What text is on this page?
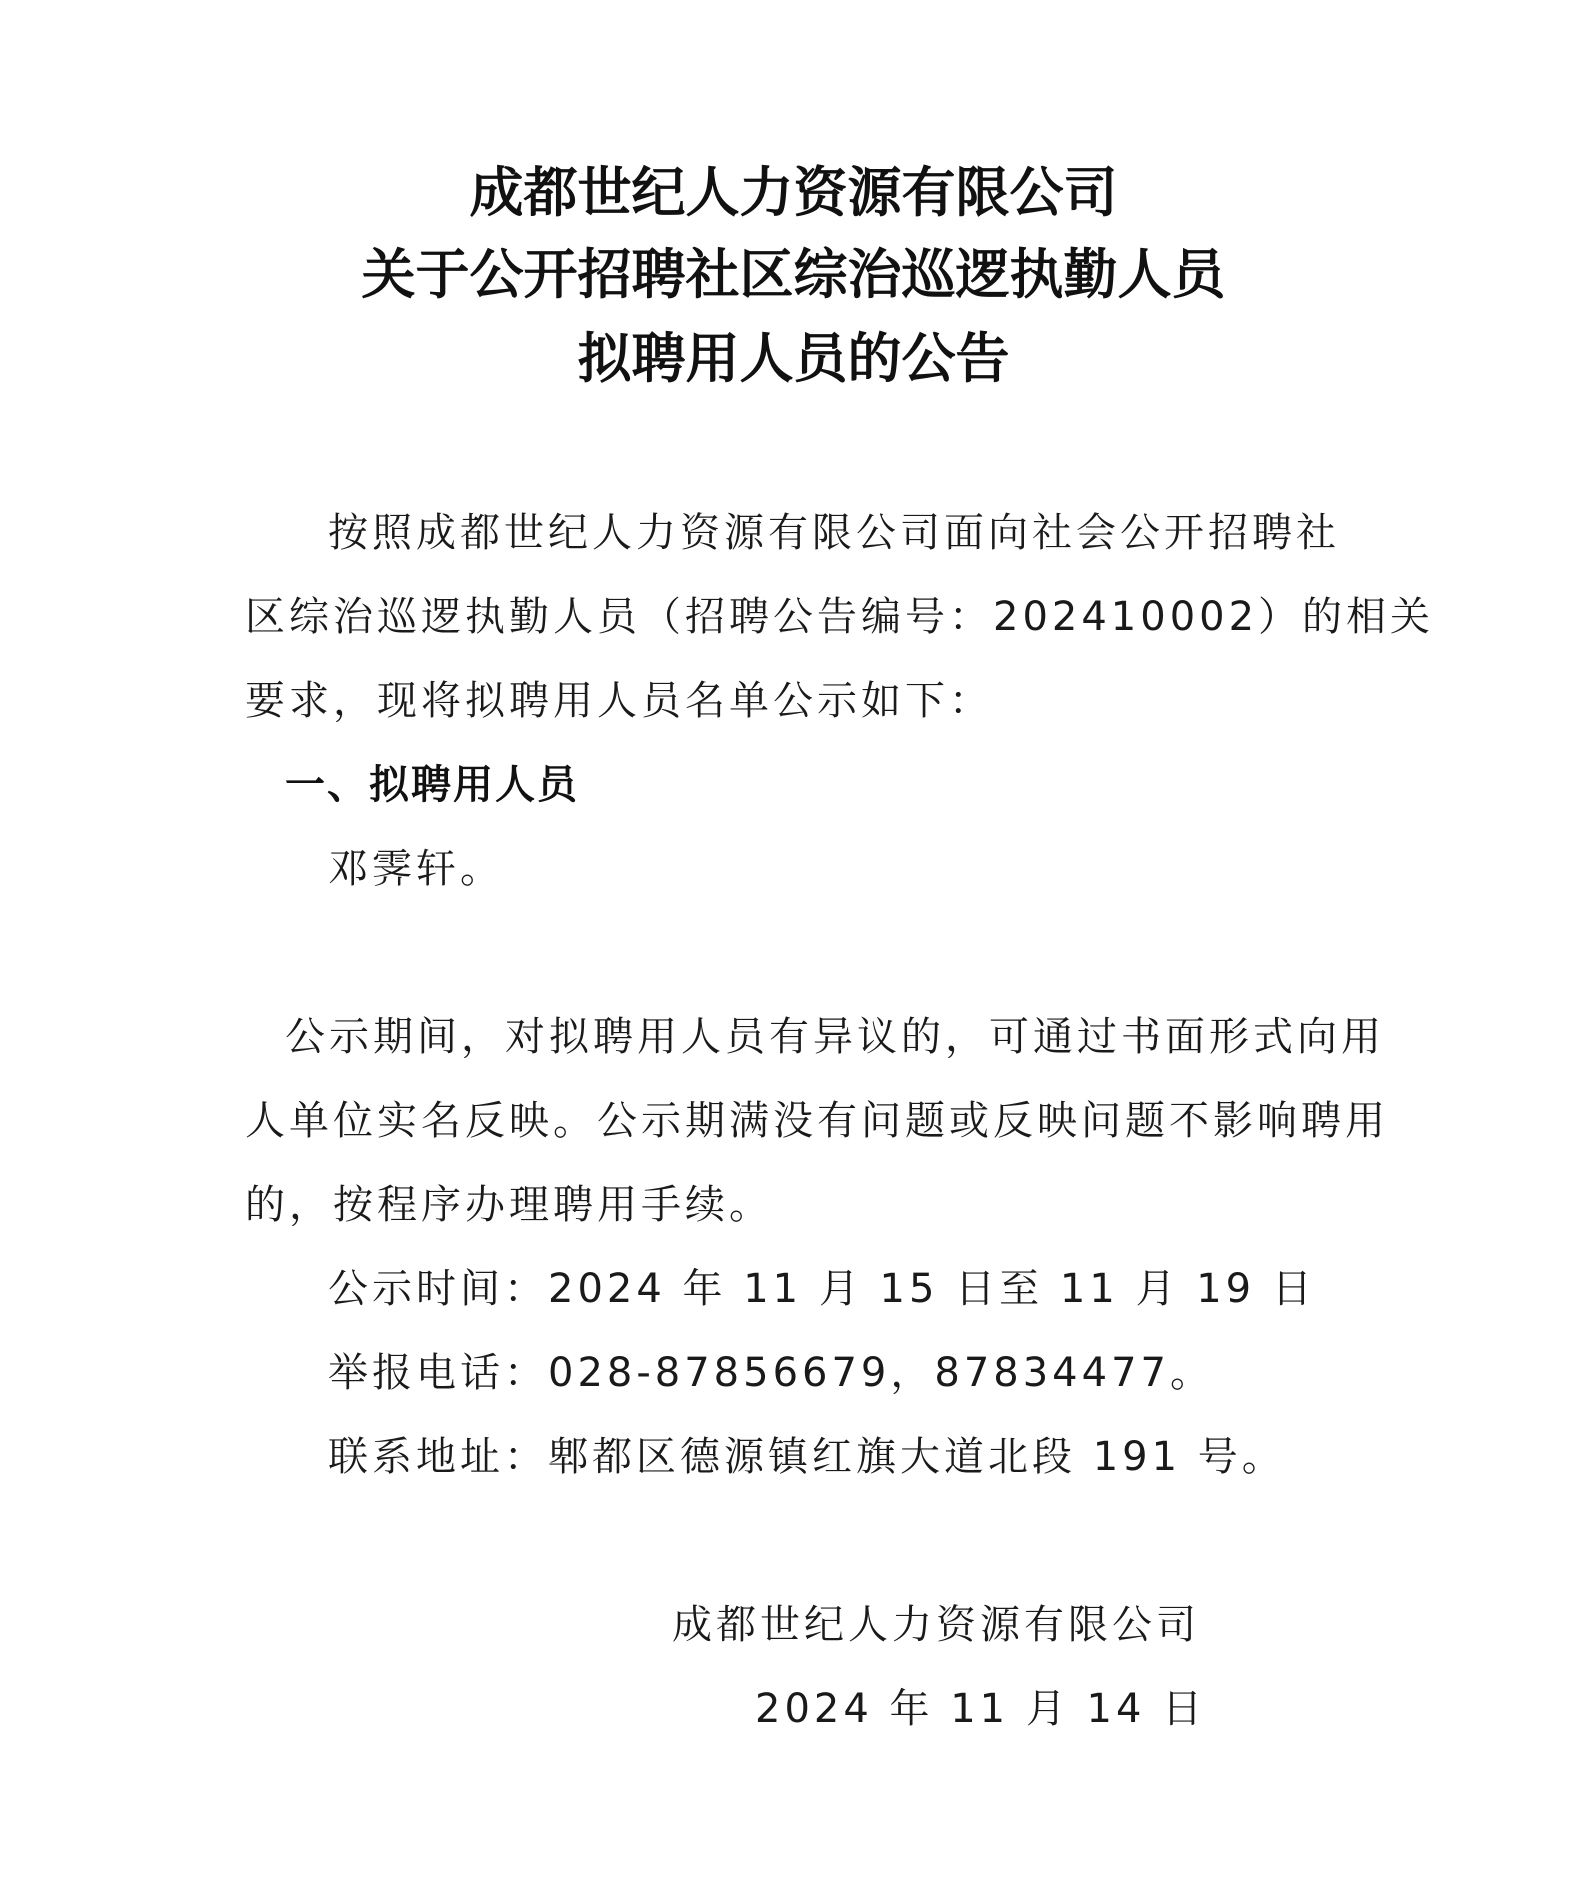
成都世纪人力资源有限公司
关于公开招聘社区综治巡逻执勤人员
拟聘用人员的公告
按照成都世纪人力资源有限公司面向社会公开招聘社
区综治巡逻执勤人员（招聘公告编号：202410002）的相关
要求，现将拟聘用人员名单公示如下：
一、拟聘用人员
邓霁轩。
公示期间，对拟聘用人员有异议的，可通过书面形式向用
人单位实名反映。公示期满没有问题或反映问题不影响聘用
的，按程序办理聘用手续。
公示时间：2024 年 11 月 15 日至 11 月 19 日
举报电话：028-87856679，87834477。
联系地址：郫都区德源镇红旗大道北段 191 号。
成都世纪人力资源有限公司
2024 年 11 月 14 日
